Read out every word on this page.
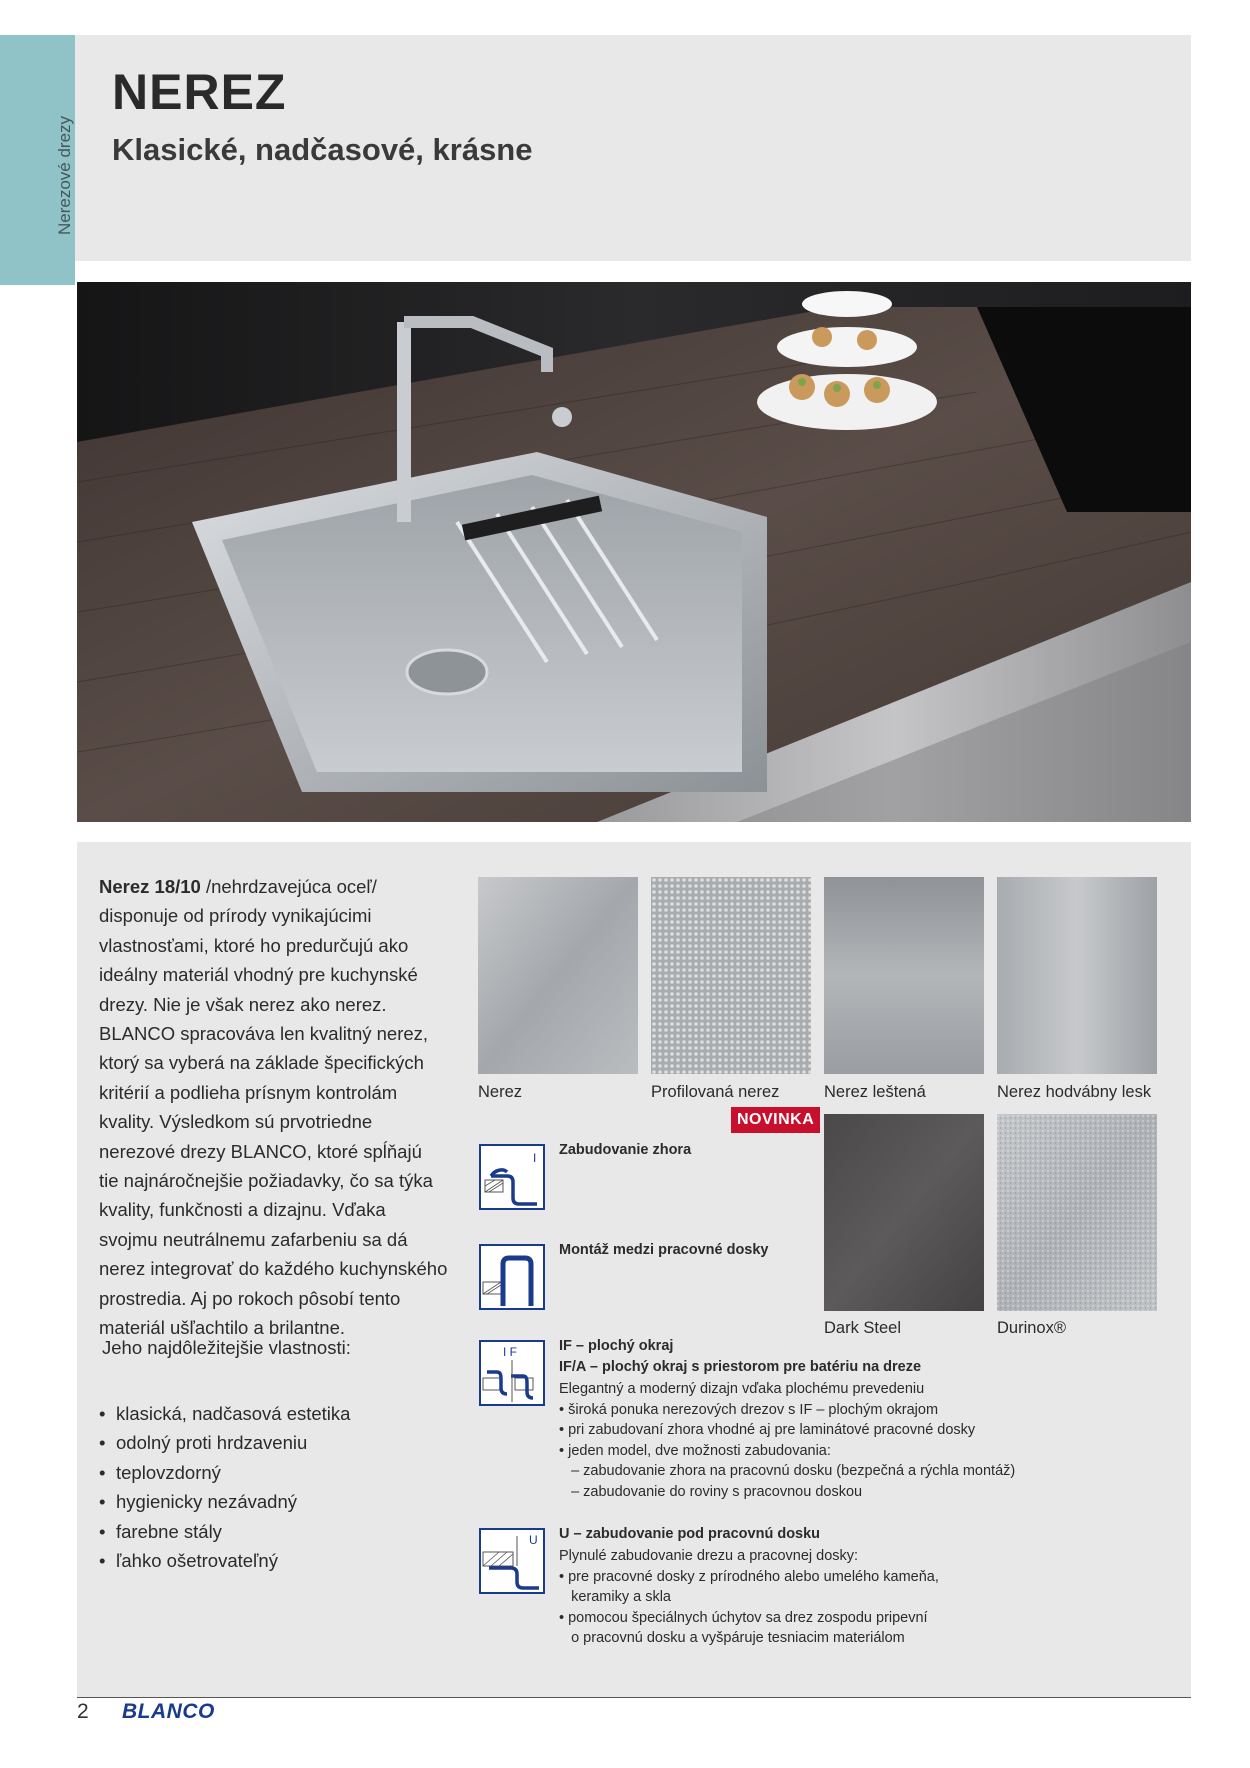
Nerezové drezy
NEREZ
Klasické, nadčasové, krásne
Nerez 18/10 /nehrdzavejúca oceľ/
disponuje od prírody vynikajúcimi
vlastnosťami, ktoré ho predurčujú ako
ideálny materiál vhodný pre kuchynské
drezy. Nie je však nerez ako nerez.
BLANCO spracováva len kvalitný nerez,
ktorý sa vyberá na základe špecifických
kritérií a podlieha prísnym kontrolám
kvality. Výsledkom sú prvotriedne
nerezové drezy BLANCO, ktoré spĺňajú
tie najnáročnejšie požiadavky, čo sa týka
kvality, funkčnosti a dizajnu. Vďaka
svojmu neutrálnemu zafarbeniu sa dá
nerez integrovať do každého kuchynského
prostredia. Aj po rokoch pôsobí tento
materiál ušľachtilo a brilantne.
Jeho najdôležitejšie vlastnosti:
• klasická, nadčasová estetika
• odolný proti hrdzaveniu
• teplovzdorný
• hygienicky nezávadný
• farebne stály
• ľahko ošetrovateľný
Nerez	Profilovaná nerez	Nerez leštená	Nerez hodvábny lesk
NOVINKA
Dark Steel	Durinox®
I Zabudovanie zhora
Montáž medzi pracovné dosky
I F	IF – plochý okraj
IF/A – plochý okraj s priestorom pre batériu na dreze
Elegantný a moderný dizajn vďaka plochému prevedeniu
• široká ponuka nerezových drezov s IF – plochým okrajom
• pri zabudovaní zhora vhodné aj pre laminátové pracovné dosky
• jeden model, dve možnosti zabudovania:
– zabudovanie zhora na pracovnú dosku (bezpečná a rýchla montáž)
– zabudovanie do roviny s pracovnou doskou
U U – zabudovanie pod pracovnú dosku
Plynulé zabudovanie drezu a pracovnej dosky:
• pre pracovné dosky z prírodného alebo umelého kameňa,
keramiky a skla
• pomocou špeciálnych úchytov sa drez zospodu pripevní
o pracovnú dosku a vyšpáruje tesniacim materiálom
2 BLANCO
